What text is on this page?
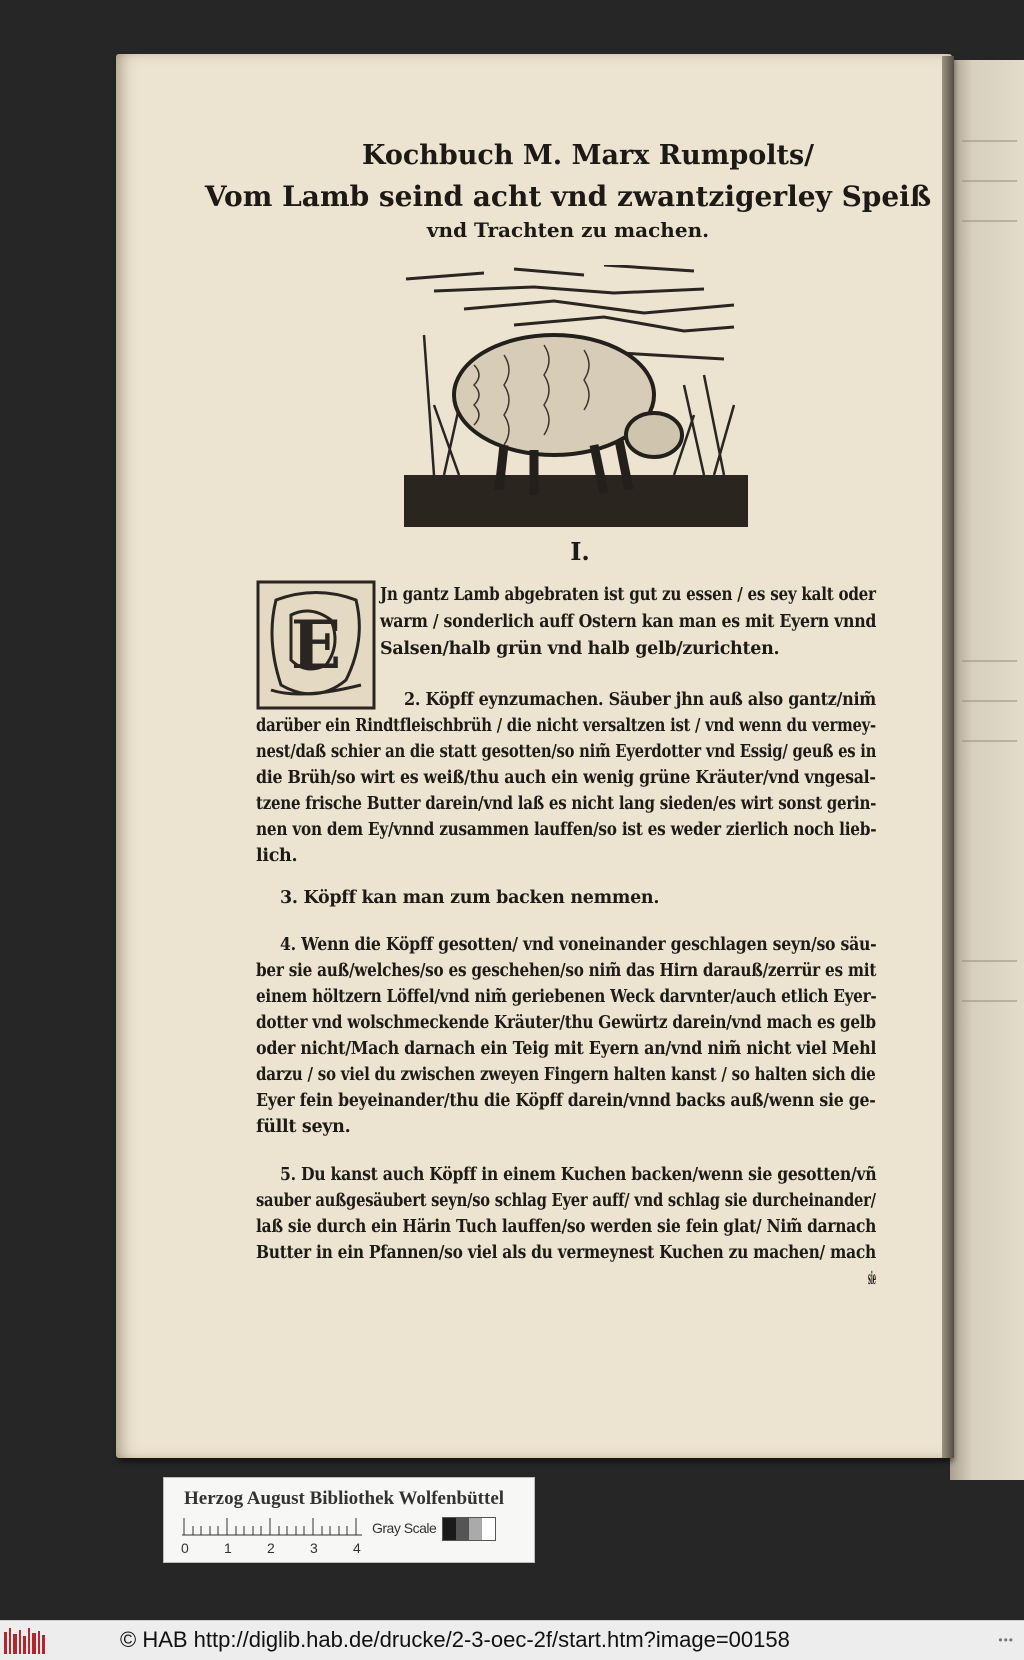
Kochbuch M. Marx Rumpolts/
Vom Lamb seind acht vnd zwantzigerley Speiß
vnd Trachten zu machen.
I.
E
Jn gantz Lamb abgebraten ist gut zu essen / es sey kalt oder
warm / sonderlich auff Ostern kan man es mit Eyern vnnd
Salsen/halb grün vnd halb gelb/zurichten.
2. Köpff eynzumachen. Säuber jhn auß also gantz/nim̃
darüber ein Rindtfleischbrüh / die nicht versaltzen ist / vnd wenn du vermey-
nest/daß schier an die statt gesotten/so nim̃ Eyerdotter vnd Essig/ geuß es in
die Brüh/so wirt es weiß/thu auch ein wenig grüne Kräuter/vnd vngesal-
tzene frische Butter darein/vnd laß es nicht lang sieden/es wirt sonst gerin-
nen von dem Ey/vnnd zusammen lauffen/so ist es weder zierlich noch lieb-
lich.
3. Köpff kan man zum backen nemmen.
4. Wenn die Köpff gesotten/ vnd voneinander geschlagen seyn/so säu-
ber sie auß/welches/so es geschehen/so nim̃ das Hirn darauß/zerrür es mit
einem höltzern Löffel/vnd nim̃ geriebenen Weck darvnter/auch etlich Eyer-
dotter vnd wolschmeckende Kräuter/thu Gewürtz darein/vnd mach es gelb
oder nicht/Mach darnach ein Teig mit Eyern an/vnd nim̃ nicht viel Mehl
darzu / so viel du zwischen zweyen Fingern halten kanst / so halten sich die
Eyer fein beyeinander/thu die Köpff darein/vnnd backs auß/wenn sie ge-
füllt seyn.
5. Du kanst auch Köpff in einem Kuchen backen/wenn sie gesotten/vñ
sauber außgesäubert seyn/so schlag Eyer auff/ vnd schlag sie durcheinander/
laß sie durch ein Härin Tuch lauffen/so werden sie fein glat/ Nim̃ darnach
Butter in ein Pfannen/so viel als du vermeynest Kuchen zu machen/ mach
sie
Herzog August Bibliothek Wolfenbüttel
0	1	2	3	4
Gray Scale
© HAB http://diglib.hab.de/drucke/2-3-oec-2f/start.htm?image=00158	•••
